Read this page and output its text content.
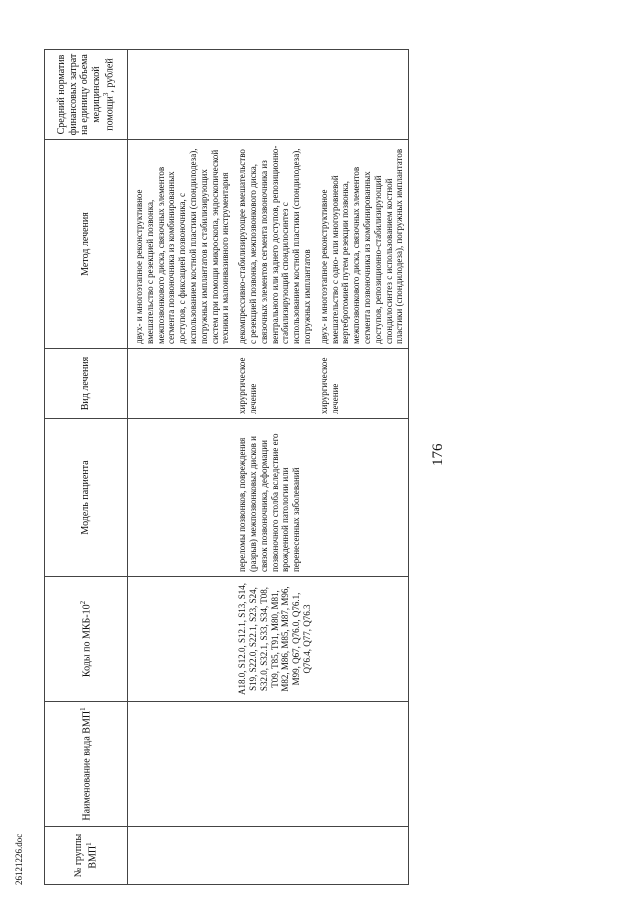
26121226.doc
176
№ группы ВМП$^1$	Наименование вида ВМП$^1$	Коды по МКБ-$10^2$	Модель пациента	Вид лечения	Метод лечения	Средний норматив финансовых затрат на единицу объема медицинской помощи$^3$, рублей
					двух- и многоэтапное реконструктивное вмешательство с резекцией позвонка, межпозвонкового диска, связочных элементов сегмента позвоночника из комбинированных доступов, с фиксацией позвоночника, с использованием костной пластики (спондилодеза), погружных имплантатов и стабилизирующих систем при помощи микроскопа, эндоскопической техники и малоинвазивного инструментария	
		A18.0, S12.0, S12.1, S13, S14, S19, S22.0, S22.1, S23, S24, S32.0, S32.1, S33, S34, T08, T09, T85, T91, M80, M81, M82, M86, M85, M87, M96, M99, Q67, Q76.0, Q76.1, Q76.4, Q77, Q76.3	переломы позвонков, повреждения (разрыв) межпозвонковых дисков и связок позвоночника, деформации позвоночного столба вследствие его врожденной патологии или перенесенных заболеваний	хирургическое лечение	декомпрессивно-стабилизирующее вмешательство с резекцией позвонка, межпозвонкового диска, связочных элементов сегмента позвоночника из вентрального или заднего доступов, репозиционно-стабилизирующий спондилосинтез с использованием костной пластики (спондилодеза), погружных имплантатов	
				хирургическое лечение	двух- и многоэтапное реконструктивное вмешательство с одно- или многоуровневой вертебротомией путем резекции позвонка, межпозвонкового диска, связочных элементов сегмента позвоночника из комбинированных доступов, репозиционно-стабилизирующий спондилосинтез с использованием костной пластики (спондилодеза), погружных имплантатов	
